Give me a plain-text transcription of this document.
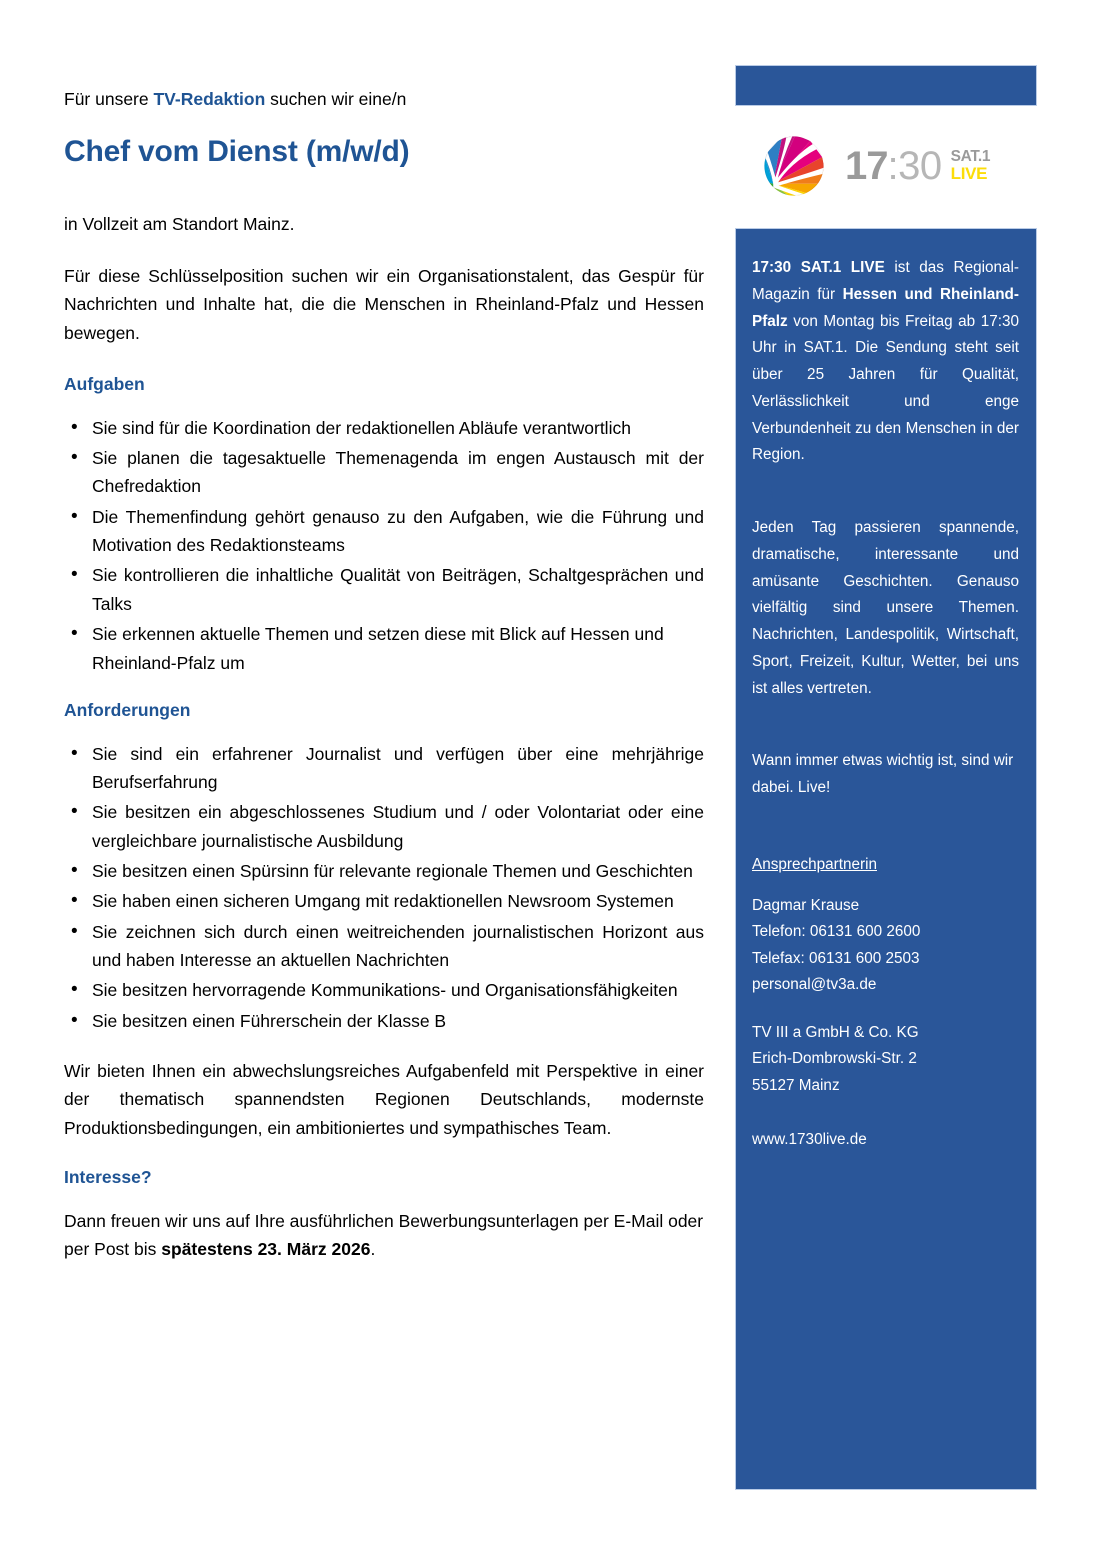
Für unsere TV-Redaktion suchen wir eine/n

Chef vom Dienst (m/w/d)

in Vollzeit am Standort Mainz.

Für diese Schlüsselposition suchen wir ein Organisationstalent, das Gespür für Nachrichten und Inhalte hat, die die Menschen in Rheinland-Pfalz und Hessen bewegen.

Aufgaben
• Sie sind für die Koordination der redaktionellen Abläufe verantwortlich
• Sie planen die tagesaktuelle Themenagenda im engen Austausch mit der Chefredaktion
• Die Themenfindung gehört genauso zu den Aufgaben, wie die Führung und Motivation des Redaktionsteams
• Sie kontrollieren die inhaltliche Qualität von Beiträgen, Schaltgesprächen und Talks
• Sie erkennen aktuelle Themen und setzen diese mit Blick auf Hessen und Rheinland-Pfalz um
Anforderungen
• Sie sind ein erfahrener Journalist und verfügen über eine mehrjährige Berufserfahrung
• Sie besitzen ein abgeschlossenes Studium und / oder Volontariat oder eine vergleichbare journalistische Ausbildung
• Sie besitzen einen Spürsinn für relevante regionale Themen und Geschichten
• Sie haben einen sicheren Umgang mit redaktionellen Newsroom Systemen
• Sie zeichnen sich durch einen weitreichenden journalistischen Horizont aus und haben Interesse an aktuellen Nachrichten
• Sie besitzen hervorragende Kommunikations- und Organisationsfähigkeiten
• Sie besitzen einen Führerschein der Klasse B

Wir bieten Ihnen ein abwechslungsreiches Aufgabenfeld mit Perspektive in einer der thematisch spannendsten Regionen Deutschlands, modernste Produktionsbedingungen, ein ambitioniertes und sympathisches Team.

Interesse?

Dann freuen wir uns auf Ihre ausführlichen Bewerbungsunterlagen per E-Mail oder per Post bis spätestens 23. März 2026.

17 :30 SAT.1
LIVE

17:30 SAT.1 LIVE ist das Regional-Magazin für Hessen und Rheinland-Pfalz von Montag bis Freitag ab 17:30 Uhr in SAT.1. Die Sendung steht seit über 25 Jahren für Qualität, Verlässlichkeit und enge Verbundenheit zu den Menschen in der Region.

Jeden Tag passieren spannende, dramatische, interessante und amüsante Geschichten. Genauso vielfältig sind unsere Themen. Nachrichten, Landespolitik, Wirtschaft, Sport, Freizeit, Kultur, Wetter, bei uns ist alles vertreten.

Wann immer etwas wichtig ist, sind wir dabei. Live!

Ansprechpartnerin
Dagmar Krause
Telefon: 06131 600 2600
Telefax: 06131 600 2503
personal@tv3a.de
TV III a GmbH & Co. KG
Erich-Dombrowski-Str. 2
55127 Mainz
www.1730live.de
